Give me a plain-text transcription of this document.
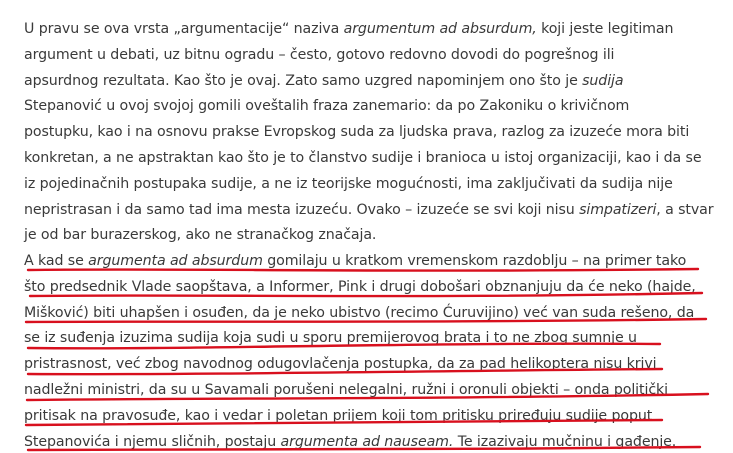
U pravu se ova vrsta „argumentacije“ naziva argumentum ad absurdum, koji jeste legitiman
argument u debati, uz bitnu ogradu – često, gotovo redovno dovodi do pogrešnog ili
apsurdnog rezultata. Kao što je ovaj. Zato samo uzgred napominjem ono što je sudija
Stepanović u ovoj svojoj gomili oveštalih fraza zanemario: da po Zakoniku o krivičnom
postupku, kao i na osnovu prakse Evropskog suda za ljudska prava, razlog za izuzeće mora biti
konkretan, a ne apstraktan kao što je to članstvo sudije i branioca u istoj organizaciji, kao i da se
iz pojedinačnih postupaka sudije, a ne iz teorijske mogućnosti, ima zaključivati da sudija nije
nepristrasan i da samo tad ima mesta izuzeću. Ovako – izuzeće se svi koji nisu simpatizeri, a stvar
je od bar burazerskog, ako ne stranačkog značaja.
A kad se argumenta ad absurdum gomilaju u kratkom vremenskom razdoblju – na primer tako
što predsednik Vlade saopštava, a Informer, Pink i drugi dobošari obznanjuju da će neko (hajde,
Mišković) biti uhapšen i osuđen, da je neko ubistvo (recimo Ćuruvijino) već van suda rešeno, da
se iz suđenja izuzima sudija koja sudi u sporu premijerovog brata i to ne zbog sumnje u
pristrasnost, već zbog navodnog odugovlačenja postupka, da za pad helikoptera nisu krivi
nadležni ministri, da su u Savamali porušeni nelegalni, ružni i oronuli objekti – onda politički
pritisak na pravosuđe, kao i vedar i poletan prijem koji tom pritisku priređuju sudije poput
Stepanovića i njemu sličnih, postaju argumenta ad nauseam. Te izazivaju mučninu i gađenje.
